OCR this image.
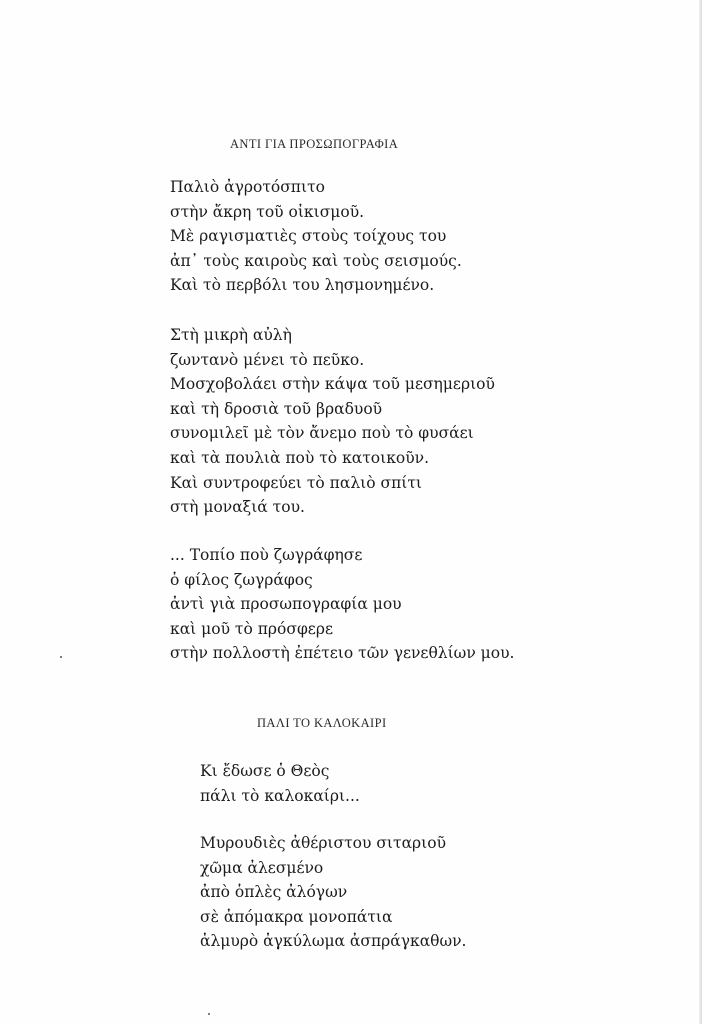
ΑΝΤΙ ΓΙΑ ΠΡΟΣΩΠΟΓΡΑΦΙΑ
Παλιὸ ἀγροτόσπιτο
στὴν ἄκρη τοῦ οἰκισμοῦ.
Μὲ ραγισματιὲς στοὺς τοίχους του
ἀπ᾽ τοὺς καιροὺς καὶ τοὺς σεισμούς.
Καὶ τὸ περβόλι του λησμονημένο.
Στὴ μικρὴ αὐλὴ
ζωντανὸ μένει τὸ πεῦκο.
Μοσχοβολάει στὴν κάψα τοῦ μεσημεριοῦ
καὶ τὴ δροσιὰ τοῦ βραδυοῦ
συνομιλεῖ μὲ τὸν ἄνεμο ποὺ τὸ φυσάει
καὶ τὰ πουλιὰ ποὺ τὸ κατοικοῦν.
Καὶ συντροφεύει τὸ παλιὸ σπίτι
στὴ μοναξιά του.
... Τοπίο ποὺ ζωγράφησε
ὁ φίλος ζωγράφος
ἀντὶ γιὰ προσωπογραφία μου
καὶ μοῦ τὸ πρόσφερε
στὴν πολλοστὴ ἐπέτειο τῶν γενεθλίων μου.
ΠΑΛΙ ΤΟ ΚΑΛΟΚΑΙΡΙ
Κι ἔδωσε ὁ Θεὸς
πάλι τὸ καλοκαίρι...
Μυρουδιὲς ἀθέριστου σιταριοῦ
χῶμα ἀλεσμένο
ἀπὸ ὁπλὲς ἀλόγων
σὲ ἀπόμακρα μονοπάτια
ἁλμυρὸ ἀγκύλωμα ἀσπράγκαθων.
